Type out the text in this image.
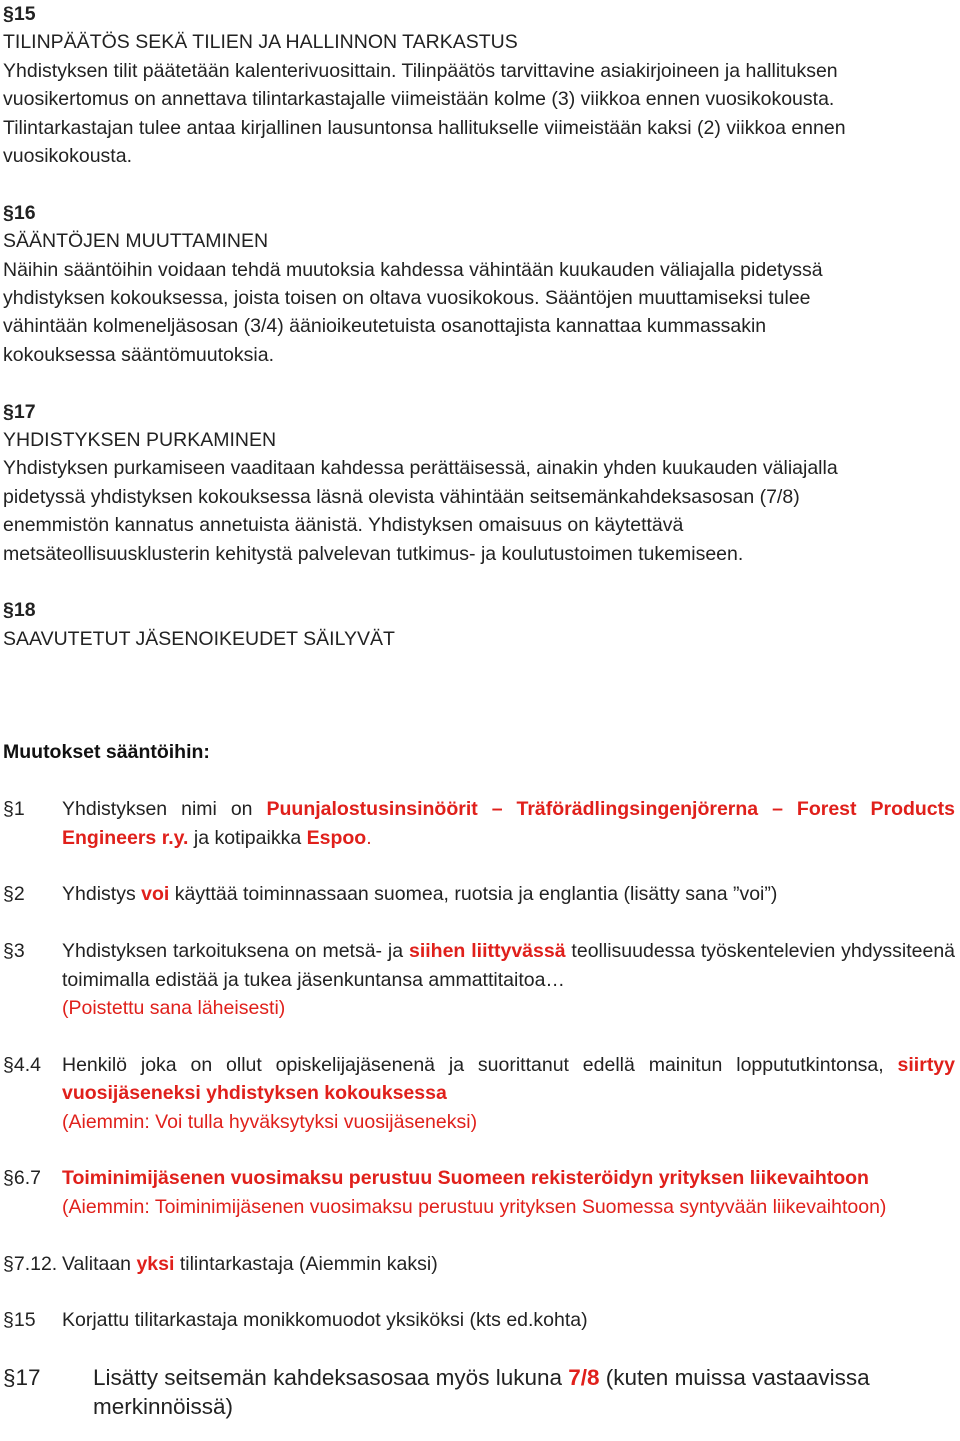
§15
TILINPÄÄTÖS SEKÄ TILIEN JA HALLINNON TARKASTUS
Yhdistyksen tilit päätetään kalenterivuosittain. Tilinpäätös tarvittavine asiakirjoineen ja hallituksen
vuosikertomus on annettava tilintarkastajalle viimeistään kolme (3) viikkoa ennen vuosikokousta.
Tilintarkastajan tulee antaa kirjallinen lausuntonsa hallitukselle viimeistään kaksi (2) viikkoa ennen
vuosikokousta.
§16
SÄÄNTÖJEN MUUTTAMINEN
Näihin sääntöihin voidaan tehdä muutoksia kahdessa vähintään kuukauden väliajalla pidetyssä
yhdistyksen kokouksessa, joista toisen on oltava vuosikokous. Sääntöjen muuttamiseksi tulee
vähintään kolmeneljäsosan (3/4) äänioikeutetuista osanottajista kannattaa kummassakin
kokouksessa sääntömuutoksia.
§17
YHDISTYKSEN PURKAMINEN
Yhdistyksen purkamiseen vaaditaan kahdessa perättäisessä, ainakin yhden kuukauden väliajalla
pidetyssä yhdistyksen kokouksessa läsnä olevista vähintään seitsemänkahdeksasosan (7/8)
enemmistön kannatus annetuista äänistä. Yhdistyksen omaisuus on käytettävä
metsäteollisuusklusterin kehitystä palvelevan tutkimus- ja koulutustoimen tukemiseen.
§18
SAAVUTETUT JÄSENOIKEUDET SÄILYVÄT
Muutokset sääntöihin:
§1	Yhdistyksen nimi on Puunjalostusinsinöörit – Träförädlingsingenjörerna – Forest Products Engineers r.y. ja kotipaikka Espoo.
§2	Yhdistys voi käyttää toiminnassaan suomea, ruotsia ja englantia (lisätty sana ”voi”)
§3	Yhdistyksen tarkoituksena on metsä- ja siihen liittyvässä teollisuudessa työskentelevien yhdyssiteenä toimimalla edistää ja tukea jäsenkuntansa ammattitaitoa…
(Poistettu sana läheisesti)
§4.4	Henkilö joka on ollut opiskelijajäsenenä ja suorittanut edellä mainitun loppututkintonsa, siirtyy vuosijäseneksi yhdistyksen kokouksessa
(Aiemmin: Voi tulla hyväksytyksi vuosijäseneksi)
§6.7	Toiminimijäsenen vuosimaksu perustuu Suomeen rekisteröidyn yrityksen liikevaihtoon
(Aiemmin: Toiminimijäsenen vuosimaksu perustuu yrityksen Suomessa syntyvään liikevaihtoon)
§7.12. Valitaan yksi tilintarkastaja (Aiemmin kaksi)
§15	Korjattu tilitarkastaja monikkomuodot yksiköksi (kts ed.kohta)
§17	Lisätty seitsemän kahdeksasosaa myös lukuna 7/8 (kuten muissa vastaavissa merkinnöissä)
